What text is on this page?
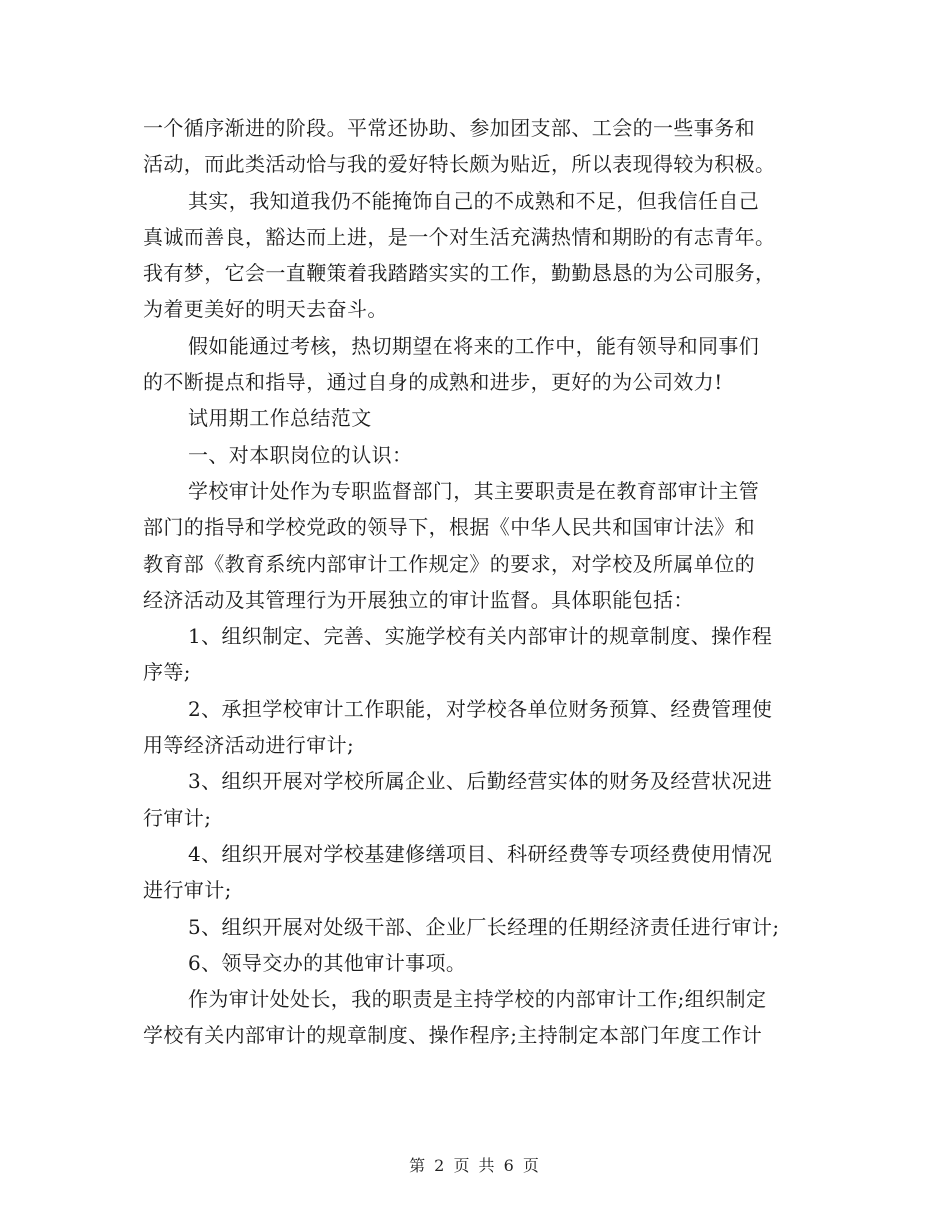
一个循序渐进的阶段。平常还协助、参加团支部、工会的一些事务和
活动，而此类活动恰与我的爱好特长颇为贴近，所以表现得较为积极。
其实，我知道我仍不能掩饰自己的不成熟和不足，但我信任自己
真诚而善良，豁达而上进，是一个对生活充满热情和期盼的有志青年。
我有梦，它会一直鞭策着我踏踏实实的工作，勤勤恳恳的为公司服务，
为着更美好的明天去奋斗。
假如能通过考核，热切期望在将来的工作中，能有领导和同事们
的不断提点和指导，通过自身的成熟和进步，更好的为公司效力!
试用期工作总结范文
一、对本职岗位的认识：
学校审计处作为专职监督部门，其主要职责是在教育部审计主管
部门的指导和学校党政的领导下，根据《中华人民共和国审计法》和
教育部《教育系统内部审计工作规定》的要求，对学校及所属单位的
经济活动及其管理行为开展独立的审计监督。具体职能包括：
1、组织制定、完善、实施学校有关内部审计的规章制度、操作程
序等;
2、承担学校审计工作职能，对学校各单位财务预算、经费管理使
用等经济活动进行审计;
3、组织开展对学校所属企业、后勤经营实体的财务及经营状况进
行审计;
4、组织开展对学校基建修缮项目、科研经费等专项经费使用情况
进行审计;
5、组织开展对处级干部、企业厂长经理的任期经济责任进行审计;
6、领导交办的其他审计事项。
作为审计处处长，我的职责是主持学校的内部审计工作;组织制定
学校有关内部审计的规章制度、操作程序;主持制定本部门年度工作计
第 2 页 共 6 页
